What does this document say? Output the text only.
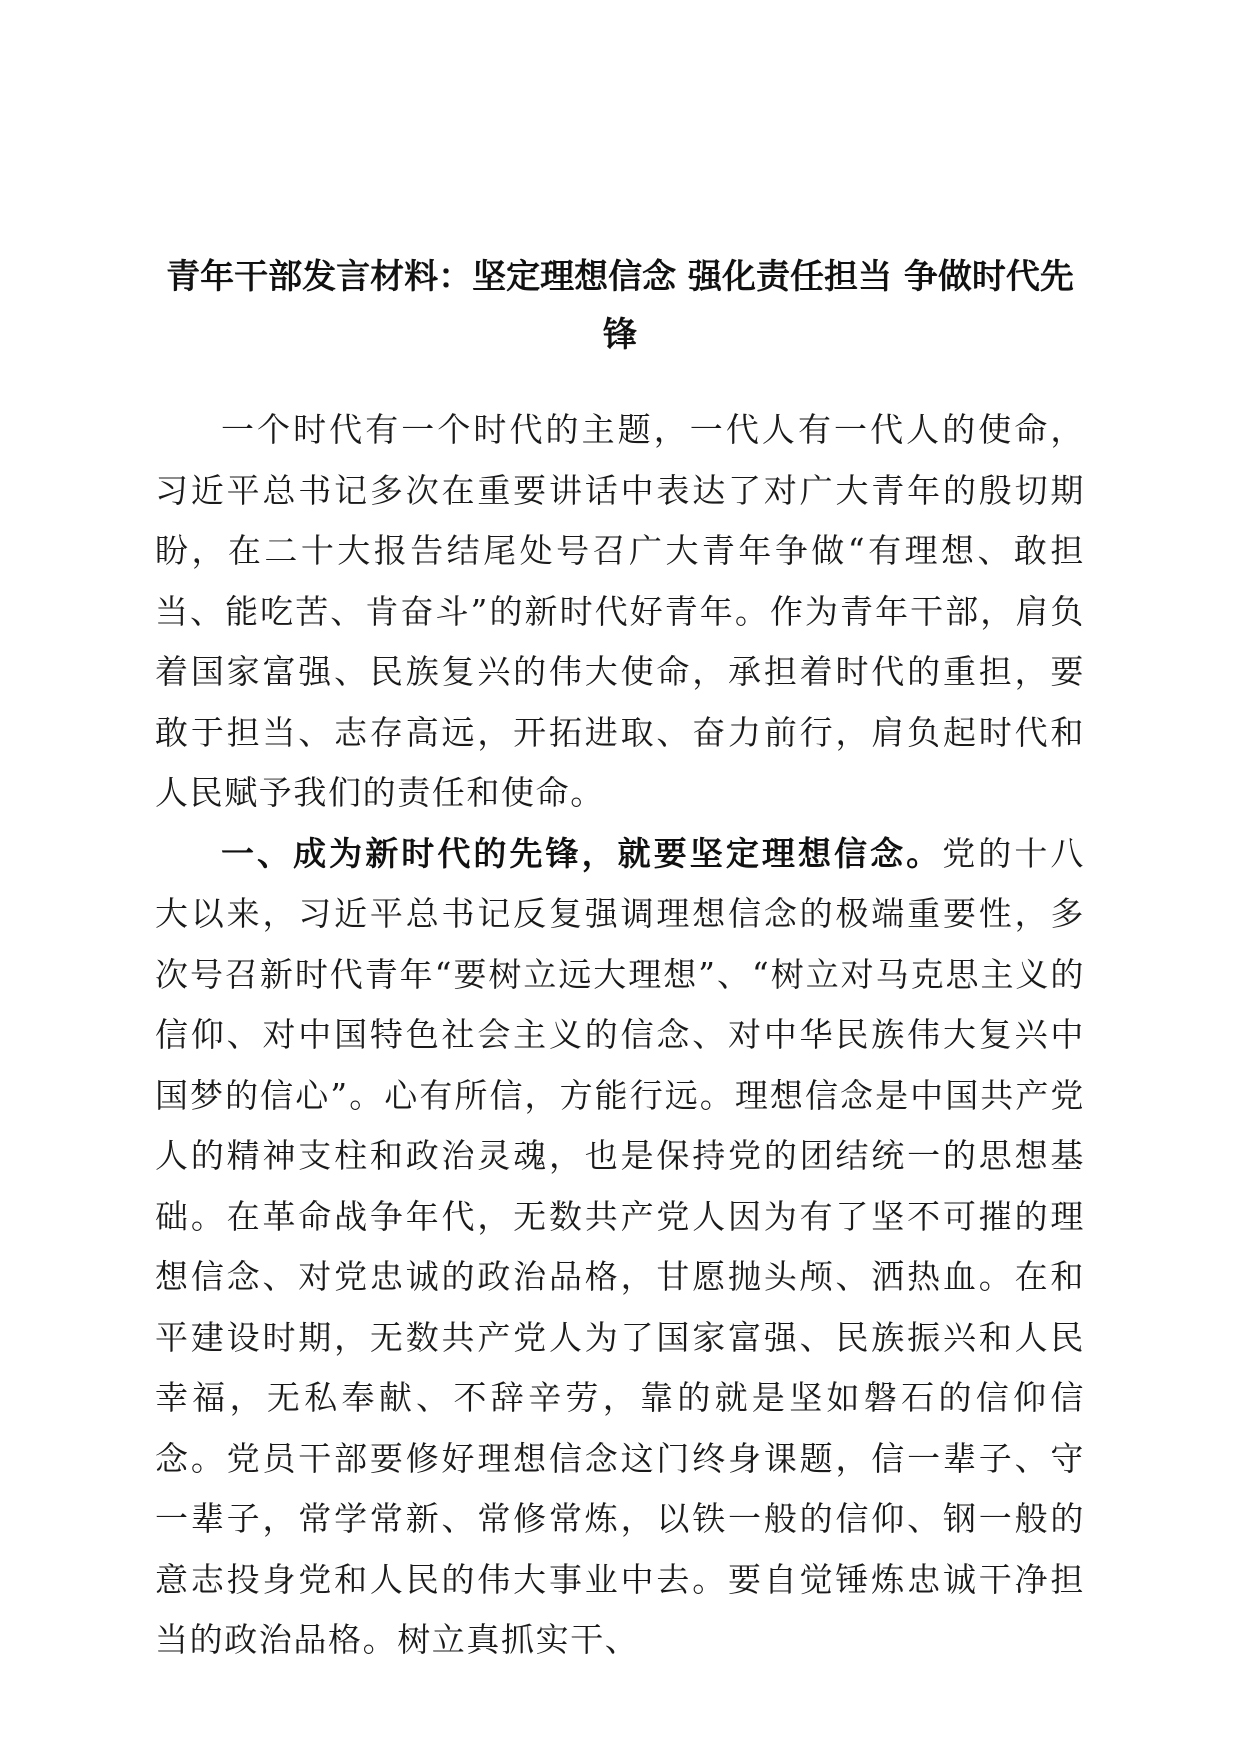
青年干部发言材料：坚定理想信念 强化责任担当 争做时代先锋

一个时代有一个时代的主题，一代人有一代人的使命，习近平总书记多次在重要讲话中表达了对广大青年的殷切期盼，在二十大报告结尾处号召广大青年争做“有理想、敢担当、能吃苦、肯奋斗”的新时代好青年。作为青年干部，肩负着国家富强、民族复兴的伟大使命，承担着时代的重担，要敢于担当、志存高远，开拓进取、奋力前行，肩负起时代和人民赋予我们的责任和使命。

一、成为新时代的先锋，就要坚定理想信念。党的十八大以来，习近平总书记反复强调理想信念的极端重要性，多次号召新时代青年“要树立远大理想”、“树立对马克思主义的信仰、对中国特色社会主义的信念、对中华民族伟大复兴中国梦的信心”。心有所信，方能行远。理想信念是中国共产党人的精神支柱和政治灵魂，也是保持党的团结统一的思想基础。在革命战争年代，无数共产党人因为有了坚不可摧的理想信念、对党忠诚的政治品格，甘愿抛头颅、洒热血。在和平建设时期，无数共产党人为了国家富强、民族振兴和人民幸福，无私奉献、不辞辛劳，靠的就是坚如磐石的信仰信念。党员干部要修好理想信念这门终身课题，信一辈子、守一辈子，常学常新、常修常炼，以铁一般的信仰、钢一般的意志投身党和人民的伟大事业中去。要自觉锤炼忠诚干净担当的政治品格。树立真抓实干、
